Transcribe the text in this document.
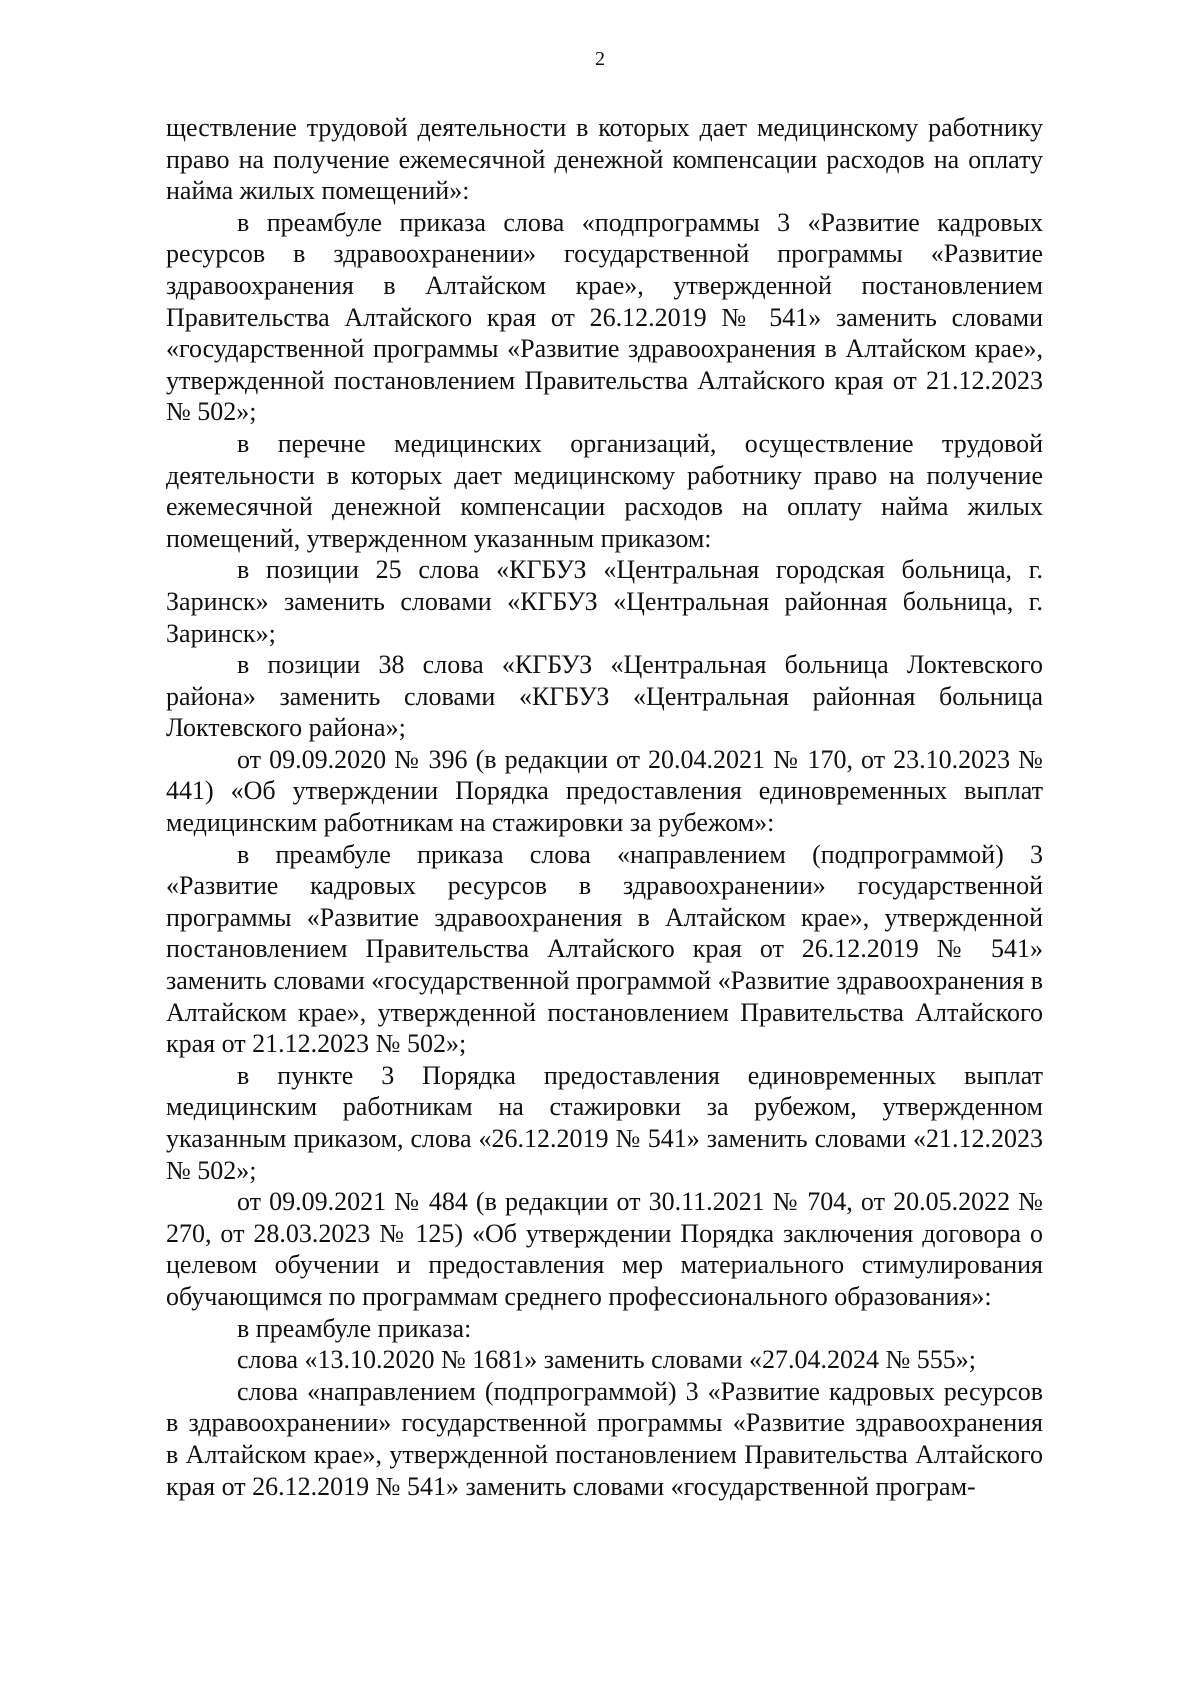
2

ществление трудовой деятельности в которых дает медицинскому работнику право на получение ежемесячной денежной компенсации расходов на оплату найма жилых помещений»:

в преамбуле приказа слова «подпрограммы 3 «Развитие кадровых ресурсов в здравоохранении» государственной программы «Развитие здравоохранения в Алтайском крае», утвержденной постановлением Правительства Алтайского края от 26.12.2019 № 541» заменить словами «государственной программы «Развитие здравоохранения в Алтайском крае», утвержденной постановлением Правительства Алтайского края от 21.12.2023 № 502»;

в перечне медицинских организаций, осуществление трудовой деятельности в которых дает медицинскому работнику право на получение ежемесячной денежной компенсации расходов на оплату найма жилых помещений, утвержденном указанным приказом:

в позиции 25 слова «КГБУЗ «Центральная городская больница, г. Заринск» заменить словами «КГБУЗ «Центральная районная больница, г. Заринск»;

в позиции 38 слова «КГБУЗ «Центральная больница Локтевского района» заменить словами «КГБУЗ «Центральная районная больница Локтевского района»;

от 09.09.2020 № 396 (в редакции от 20.04.2021 № 170, от 23.10.2023 № 441) «Об утверждении Порядка предоставления единовременных выплат медицинским работникам на стажировки за рубежом»:

в преамбуле приказа слова «направлением (подпрограммой) 3 «Развитие кадровых ресурсов в здравоохранении» государственной программы «Развитие здравоохранения в Алтайском крае», утвержденной постановлением Правительства Алтайского края от 26.12.2019 № 541» заменить словами «государственной программой «Развитие здравоохранения в Алтайском крае», утвержденной постановлением Правительства Алтайского края от 21.12.2023 № 502»;

в пункте 3 Порядка предоставления единовременных выплат медицинским работникам на стажировки за рубежом, утвержденном указанным приказом, слова «26.12.2019 № 541» заменить словами «21.12.2023 № 502»;

от 09.09.2021 № 484 (в редакции от 30.11.2021 № 704, от 20.05.2022 № 270, от 28.03.2023 № 125) «Об утверждении Порядка заключения договора о целевом обучении и предоставления мер материального стимулирования обучающимся по программам среднего профессионального образования»:

в преамбуле приказа:

слова «13.10.2020 № 1681» заменить словами «27.04.2024 № 555»;

слова «направлением (подпрограммой) 3 «Развитие кадровых ресурсов в здравоохранении» государственной программы «Развитие здравоохранения в Алтайском крае», утвержденной постановлением Правительства Алтайского края от 26.12.2019 № 541» заменить словами «государственной програм-
